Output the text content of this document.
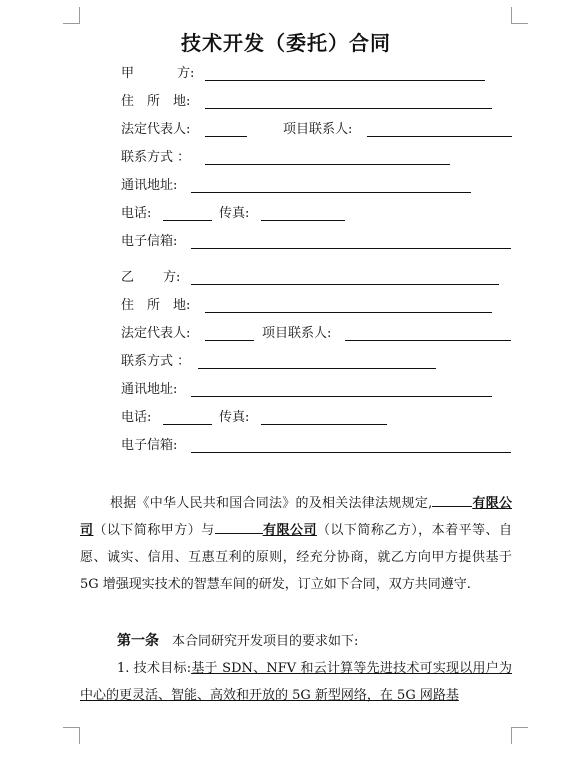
技术开发（委托）合同
甲	方:
住　所　地:
法定代表人:	项目联系人:
联系方式 ：
通讯地址:
电话:	传真:
电子信箱:
乙 方:
住　所　地:
法定代表人:	项目联系人:
联系方式 ：
通讯地址:
电话:	传真:
电子信箱:
根据《中华人民共和国合同法》的及相关法律法规规定,	有限公司（以下简称甲方）与	有限公司（以下简称乙方），本着平等、自愿、诚实、信用、互惠互利的原则，经充分协商，就乙方向甲方提供基于 5G 增强现实技术的智慧车间的研发，订立如下合同，双方共同遵守.
第一条　 本合同研究开发项目的要求如下:
1. 技术目标:基于 SDN、NFV 和云计算等先进技术可实现以用户为中心的更灵活、智能、高效和开放的 5G 新型网络，在 5G 网路基
